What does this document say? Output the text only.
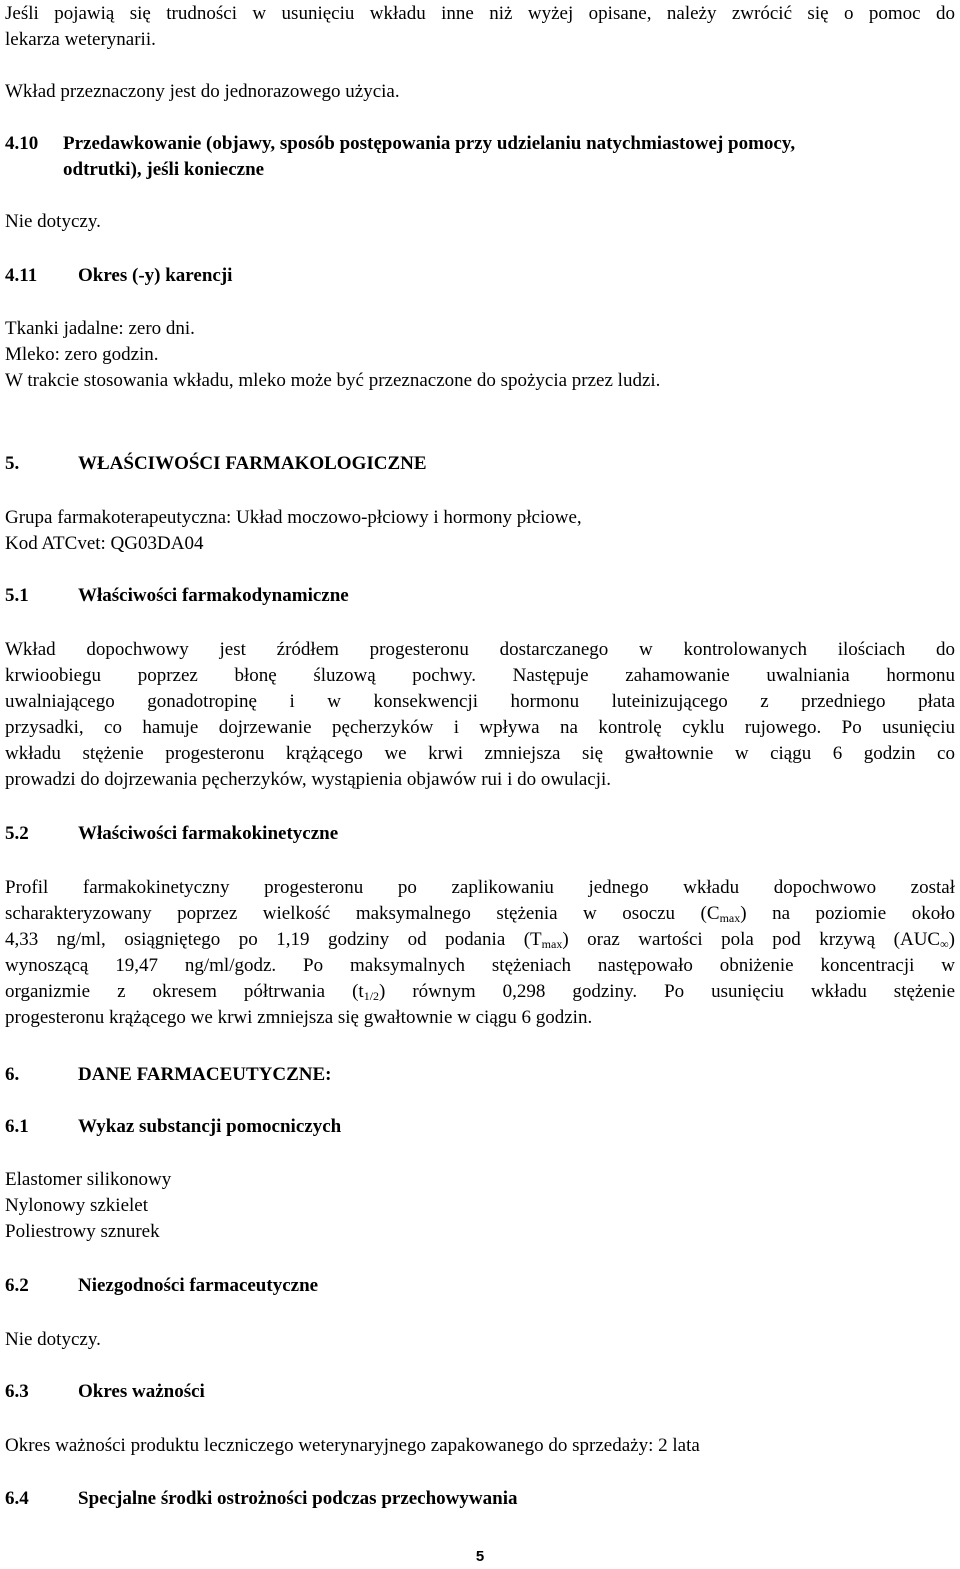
Jeśli pojawią się trudności w usunięciu wkładu inne niż wyżej opisane, należy zwrócić się o pomoc do
lekarza weterynarii.
Wkład przeznaczony jest do jednorazowego użycia.
4.10 Przedawkowanie (objawy, sposób postępowania przy udzielaniu natychmiastowej pomocy,
odtrutki), jeśli konieczne
Nie dotyczy.
4.11 Okres (-y) karencji
Tkanki jadalne: zero dni.
Mleko: zero godzin.
W trakcie stosowania wkładu, mleko może być przeznaczone do spożycia przez ludzi.
5.	WŁAŚCIWOŚCI FARMAKOLOGICZNE
Grupa farmakoterapeutyczna: Układ moczowo-płciowy i hormony płciowe,
Kod ATCvet: QG03DA04
5.1	Właściwości farmakodynamiczne
Wkład dopochwowy jest źródłem progesteronu dostarczanego w kontrolowanych ilościach do
krwioobiegu poprzez błonę śluzową pochwy. Następuje zahamowanie uwalniania hormonu
uwalniającego gonadotropinę i w konsekwencji hormonu luteinizującego z przedniego płata
przysadki, co hamuje dojrzewanie pęcherzyków i wpływa na kontrolę cyklu rujowego. Po usunięciu
wkładu stężenie progesteronu krążącego we krwi zmniejsza się gwałtownie w ciągu 6 godzin co
prowadzi do dojrzewania pęcherzyków, wystąpienia objawów rui i do owulacji.
5.2	Właściwości farmakokinetyczne
Profil farmakokinetyczny progesteronu po zaplikowaniu jednego wkładu dopochwowo został
scharakteryzowany poprzez wielkość maksymalnego stężenia w osoczu $(C_{max})$ na poziomie około
4,33 ng/ml, osiągniętego po 1,19 godziny od podania $(T_{max})$ oraz wartości pola pod krzywą $(AUC_\infty)$
wynoszącą 19,47 ng/ml/godz. Po maksymalnych stężeniach następowało obniżenie koncentracji w
organizmie z okresem półtrwania $(t_{1/2})$ równym 0,298 godziny. Po usunięciu wkładu stężenie
progesteronu krążącego we krwi zmniejsza się gwałtownie w ciągu 6 godzin.
6.	DANE FARMACEUTYCZNE:
6.1	Wykaz substancji pomocniczych
Elastomer silikonowy
Nylonowy szkielet
Poliestrowy sznurek
6.2	Niezgodności farmaceutyczne
Nie dotyczy.
6.3	Okres ważności
Okres ważności produktu leczniczego weterynaryjnego zapakowanego do sprzedaży: 2 lata
6.4	Specjalne środki ostrożności podczas przechowywania
5
